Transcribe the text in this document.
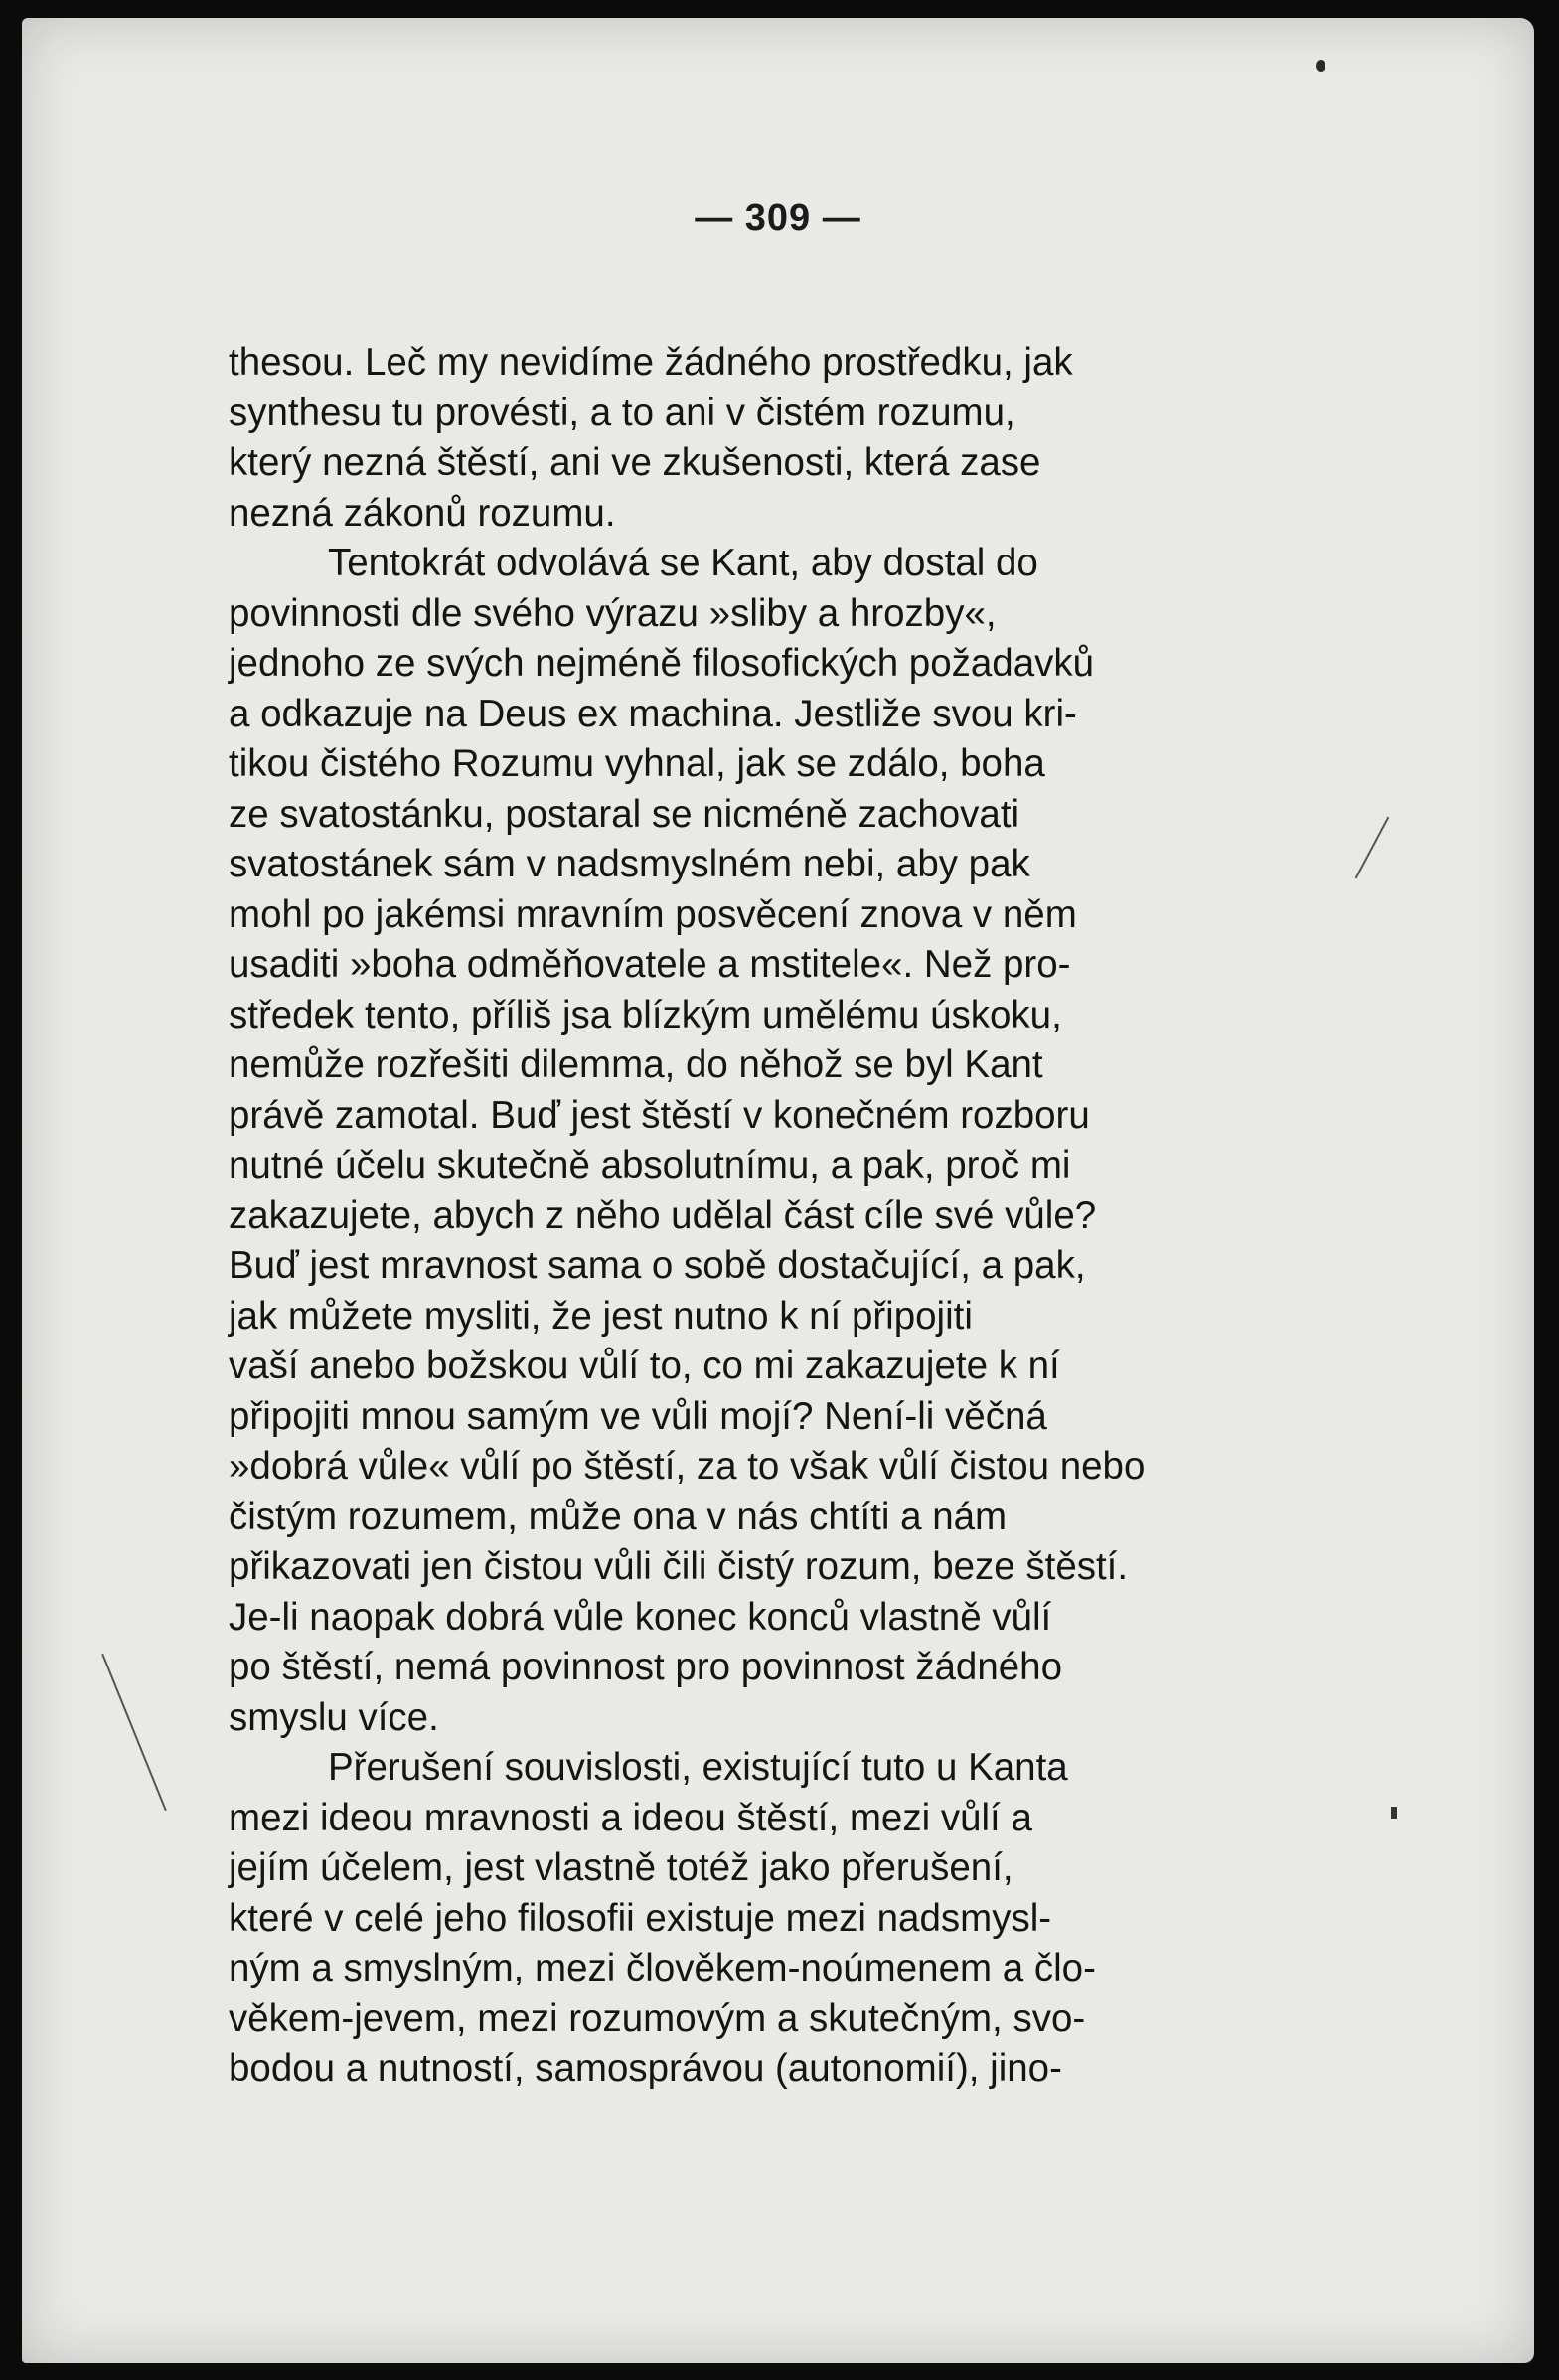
— 309 —
thesou. Leč my nevidíme žádného prostředku, jak
synthesu tu provésti, a to ani v čistém rozumu,
který nezná štěstí, ani ve zkušenosti, která zase
nezná zákonů rozumu.
Tentokrát odvolává se Kant, aby dostal do
povinnosti dle svého výrazu »sliby a hrozby«,
jednoho ze svých nejméně filosofických požadavků
a odkazuje na Deus ex machina. Jestliže svou kri-
tikou čistého Rozumu vyhnal, jak se zdálo, boha
ze svatostánku, postaral se nicméně zachovati
svatostánek sám v nadsmyslném nebi, aby pak
mohl po jakémsi mravním posvěcení znova v něm
usaditi »boha odměňovatele a mstitele«. Než pro-
středek tento, příliš jsa blízkým umělému úskoku,
nemůže rozřešiti dilemma, do něhož se byl Kant
právě zamotal. Buď jest štěstí v konečném rozboru
nutné účelu skutečně absolutnímu, a pak, proč mi
zakazujete, abych z něho udělal část cíle své vůle?
Buď jest mravnost sama o sobě dostačující, a pak,
jak můžete mysliti, že jest nutno k ní připojiti
vaší anebo božskou vůlí to, co mi zakazujete k ní
připojiti mnou samým ve vůli mojí? Není-li věčná
»dobrá vůle« vůlí po štěstí, za to však vůlí čistou nebo
čistým rozumem, může ona v nás chtíti a nám
přikazovati jen čistou vůli čili čistý rozum, beze štěstí.
Je-li naopak dobrá vůle konec konců vlastně vůlí
po štěstí, nemá povinnost pro povinnost žádného
smyslu více.
Přerušení souvislosti, existující tuto u Kanta
mezi ideou mravnosti a ideou štěstí, mezi vůlí a
jejím účelem, jest vlastně totéž jako přerušení,
které v celé jeho filosofii existuje mezi nadsmysl-
ným a smyslným, mezi člověkem-noúmenem a člo-
věkem-jevem, mezi rozumovým a skutečným, svo-
bodou a nutností, samosprávou (autonomií), jino-
